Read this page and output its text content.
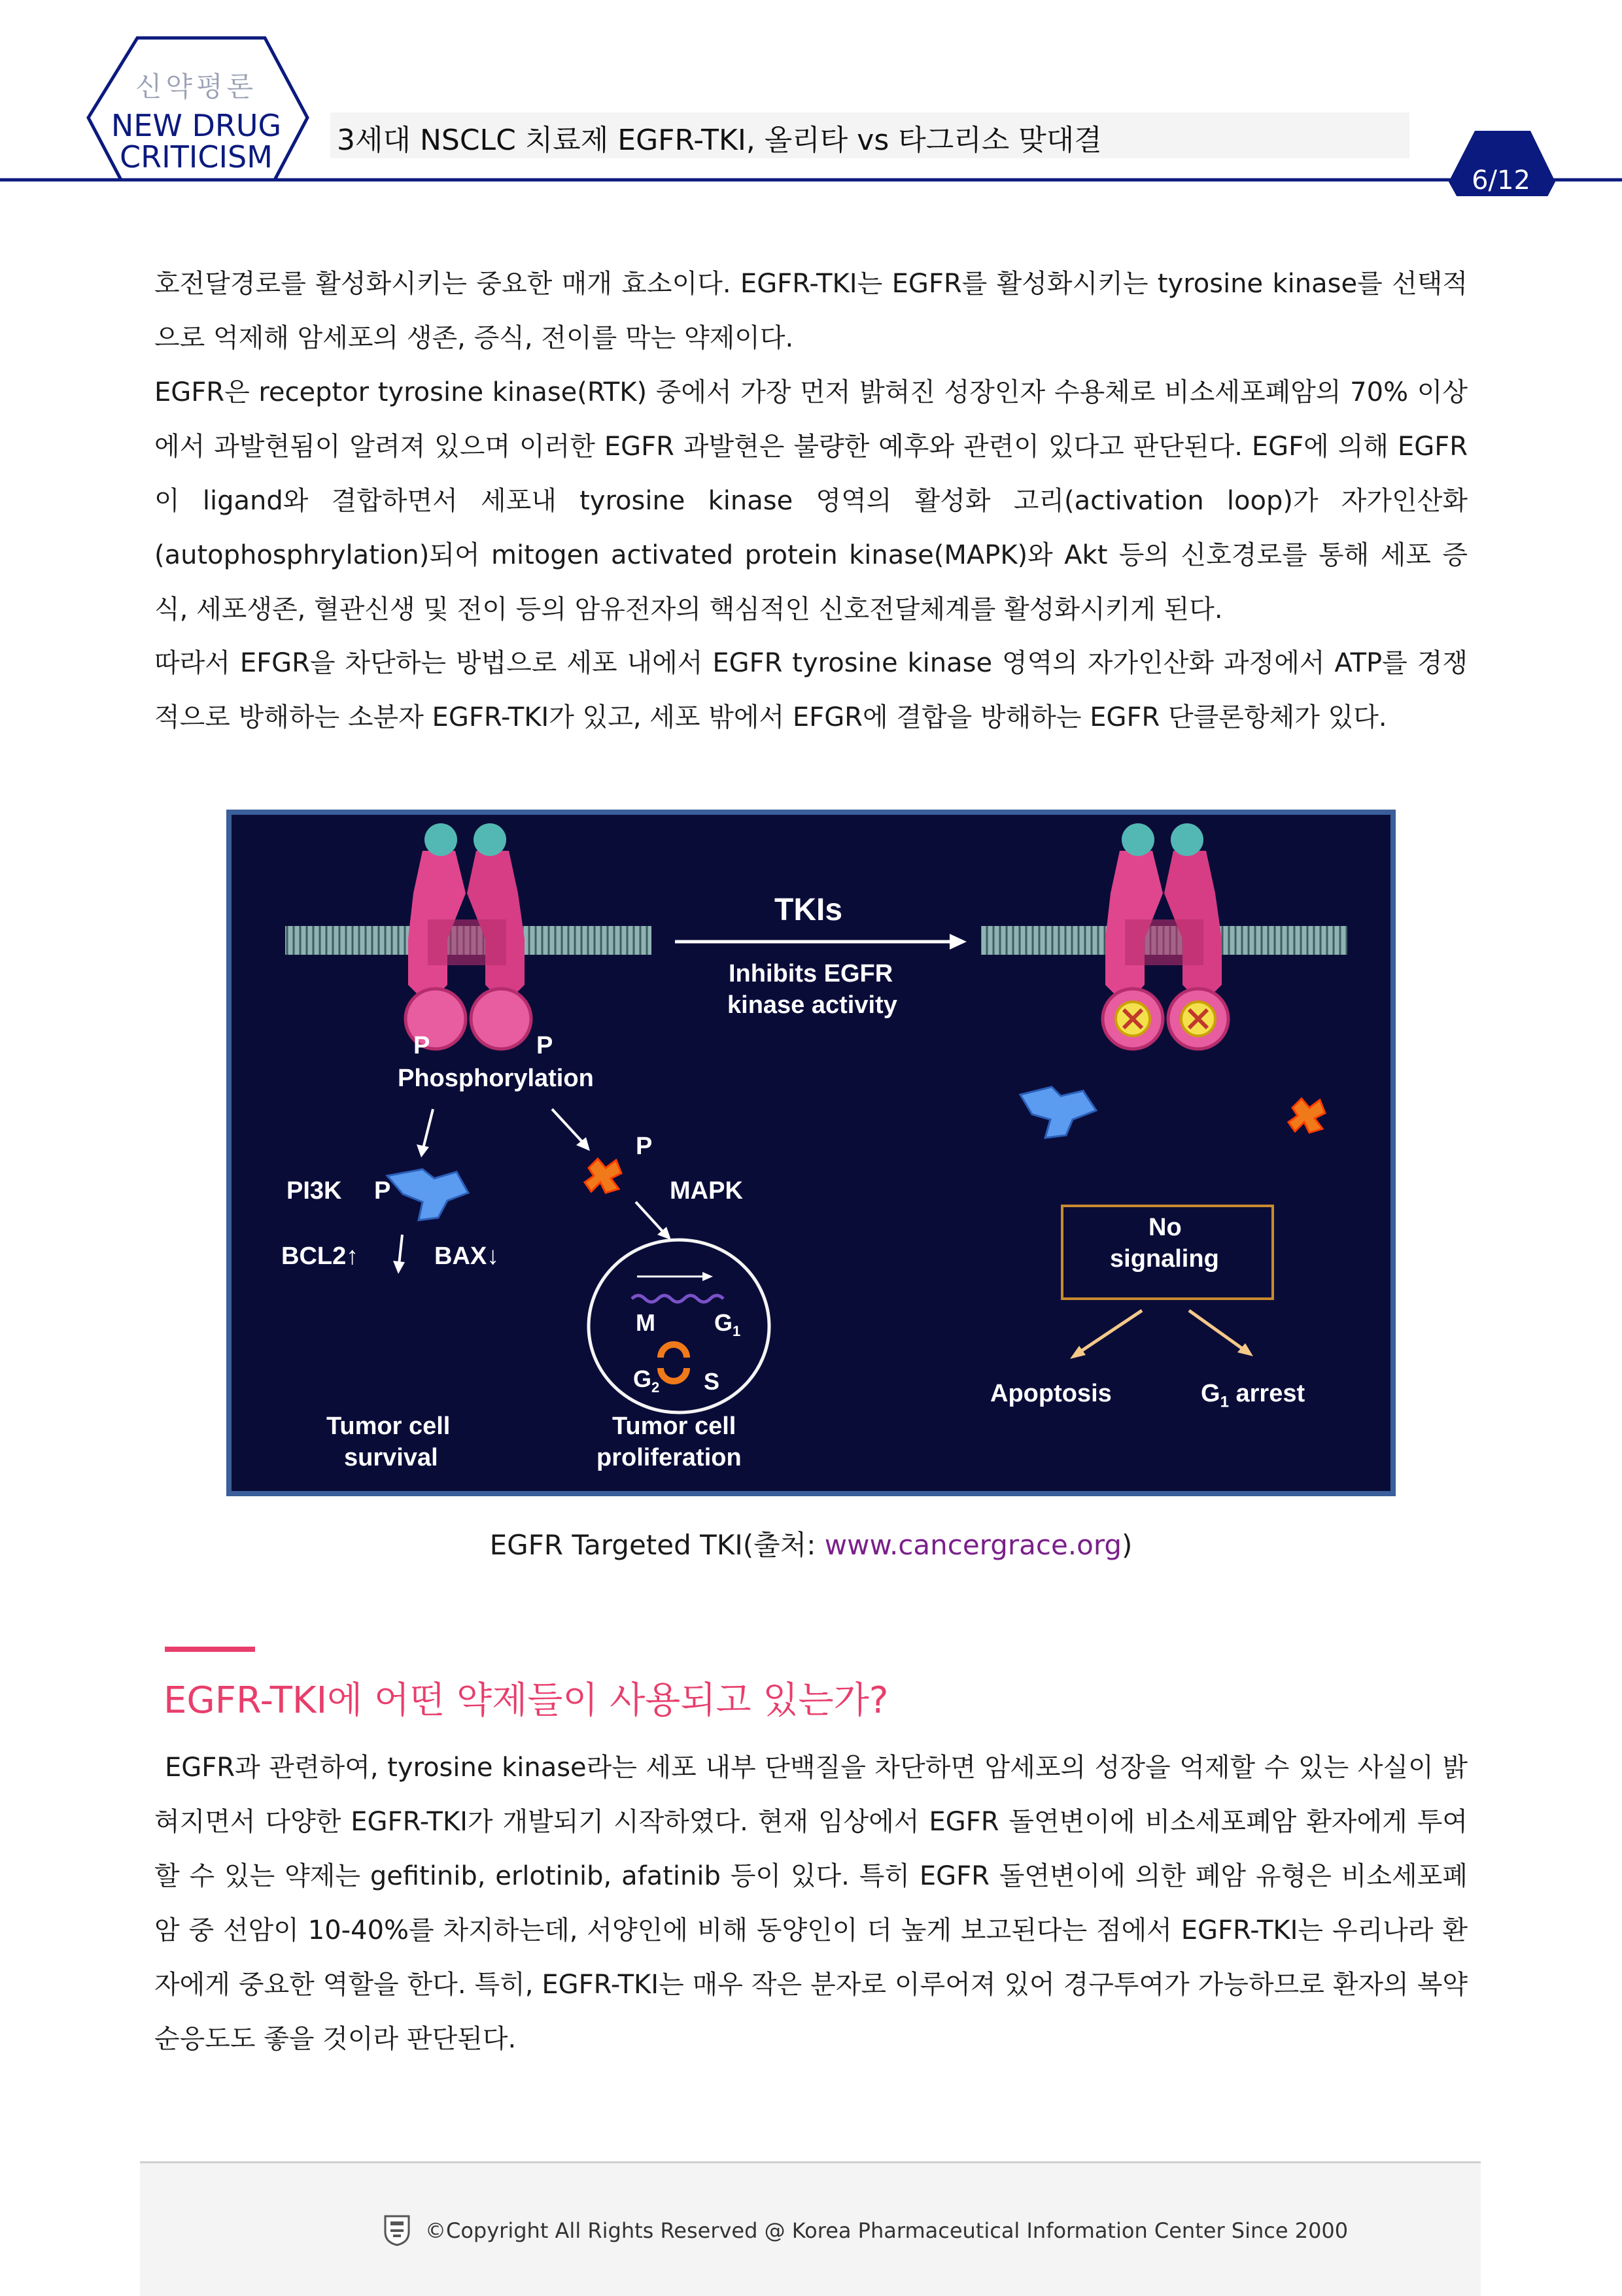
신약평론
NEW DRUG
CRITICISM	3세대 NSCLC 치료제 EGFR-TKI, 올리타 vs 타그리소 맞대결
6/12

호전달경로를 활성화시키는 중요한 매개 효소이다. EGFR-TKI는 EGFR를 활성화시키는 tyrosine kinase를 선택적으로 억제해 암세포의 생존, 증식, 전이를 막는 약제이다.

EGFR은 receptor tyrosine kinase(RTK) 중에서 가장 먼저 밝혀진 성장인자 수용체로 비소세포폐암의 70% 이상에서 과발현됨이 알려져 있으며 이러한 EGFR 과발현은 불량한 예후와 관련이 있다고 판단된다. EGF에 의해 EGFR이 ligand와 결합하면서 세포내 tyrosine kinase 영역의 활성화 고리(activation loop)가 자가인산화(autophosphrylation)되어 mitogen activated protein kinase(MAPK)와 Akt 등의 신호경로를 통해 세포 증식, 세포생존, 혈관신생 및 전이 등의 암유전자의 핵심적인 신호전달체계를 활성화시키게 된다.

따라서 EFGR을 차단하는 방법으로 세포 내에서 EGFR tyrosine kinase 영역의 자가인산화 과정에서 ATP를 경쟁적으로 방해하는 소분자 EGFR-TKI가 있고, 세포 밖에서 EFGR에 결합을 방해하는 EGFR 단클론항체가 있다.

TKIs
Inhibits EGFR
kinase activity
P	P
Phosphorylation
PI3K P
P
MAPK
BCL2↑	BAX↓
M	$G_1$
$G_2$ S
Tumor cell
survival
Tumor cell
proliferation
No
signaling
Apoptosis	$G_1$ arrest
EGFR Targeted TKI(출처: www.cancergrace.org)
EGFR-TKI에 어떤 약제들이 사용되고 있는가?

EGFR과 관련하여, tyrosine kinase라는 세포 내부 단백질을 차단하면 암세포의 성장을 억제할 수 있는 사실이 밝혀지면서 다양한 EGFR-TKI가 개발되기 시작하였다. 현재 임상에서 EGFR 돌연변이에 비소세포폐암 환자에게 투여할 수 있는 약제는 gefitinib, erlotinib, afatinib 등이 있다. 특히 EGFR 돌연변이에 의한 폐암 유형은 비소세포폐암 중 선암이 10-40%를 차지하는데, 서양인에 비해 동양인이 더 높게 보고된다는 점에서 EGFR-TKI는 우리나라 환자에게 중요한 역할을 한다. 특히, EGFR-TKI는 매우 작은 분자로 이루어져 있어 경구투여가 가능하므로 환자의 복약 순응도도 좋을 것이라 판단된다.

©Copyright All Rights Reserved @ Korea Pharmaceutical Information Center Since 2000
